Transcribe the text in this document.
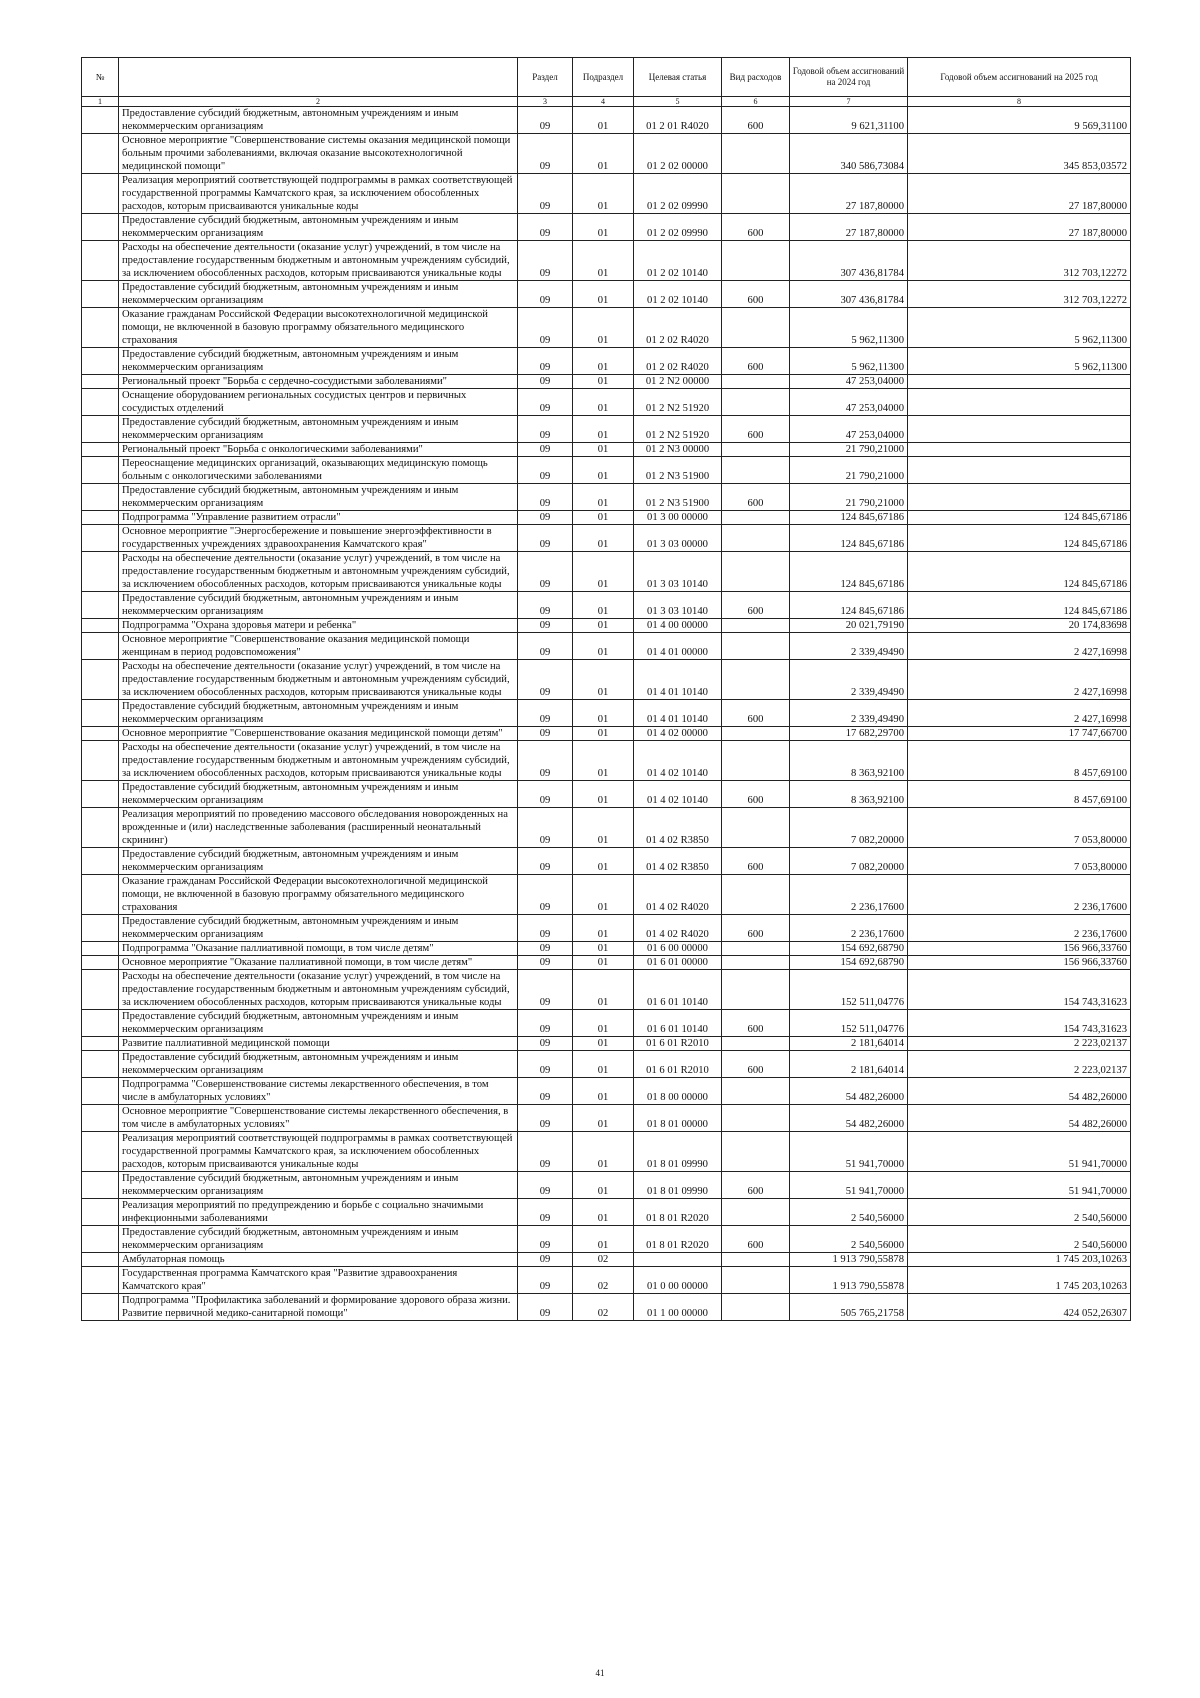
№		Раздел	Подраздел	Целевая статья	Вид расходов	Годовой объем ассигнований на 2024 год	Годовой объем ассигнований на 2025 год
1	2	3	4	5	6	7	8
	Предоставление субсидий бюджетным, автономным учреждениям и иным некоммерческим организациям	09	01	01 2 01 R4020	600	9 621,31100	9 569,31100
	Основное мероприятие "Совершенствование системы оказания медицинской помощи больным прочими заболеваниями, включая оказание высокотехнологичной медицинской помощи"	09	01	01 2 02 00000		340 586,73084	345 853,03572
	Реализация мероприятий соответствующей подпрограммы в рамках соответствующей государственной программы Камчатского края, за исключением обособленных расходов, которым присваиваются уникальные коды	09	01	01 2 02 09990		27 187,80000	27 187,80000
	Предоставление субсидий бюджетным, автономным учреждениям и иным некоммерческим организациям	09	01	01 2 02 09990	600	27 187,80000	27 187,80000
	Расходы на обеспечение деятельности (оказание услуг) учреждений, в том числе на предоставление государственным бюджетным и автономным учреждениям субсидий, за исключением обособленных расходов, которым присваиваются уникальные коды	09	01	01 2 02 10140		307 436,81784	312 703,12272
	Предоставление субсидий бюджетным, автономным учреждениям и иным некоммерческим организациям	09	01	01 2 02 10140	600	307 436,81784	312 703,12272
	Оказание гражданам Российской Федерации высокотехнологичной медицинской помощи, не включенной в базовую программу обязательного медицинского страхования	09	01	01 2 02 R4020		5 962,11300	5 962,11300
	Предоставление субсидий бюджетным, автономным учреждениям и иным некоммерческим организациям	09	01	01 2 02 R4020	600	5 962,11300	5 962,11300
	Региональный проект "Борьба с сердечно-сосудистыми заболеваниями"	09	01	01 2 N2 00000		47 253,04000	
	Оснащение оборудованием региональных сосудистых центров и первичных сосудистых отделений	09	01	01 2 N2 51920		47 253,04000	
	Предоставление субсидий бюджетным, автономным учреждениям и иным некоммерческим организациям	09	01	01 2 N2 51920	600	47 253,04000	
	Региональный проект "Борьба с онкологическими заболеваниями"	09	01	01 2 N3 00000		21 790,21000	
	Переоснащение медицинских организаций, оказывающих медицинскую помощь больным с онкологическими заболеваниями	09	01	01 2 N3 51900		21 790,21000	
	Предоставление субсидий бюджетным, автономным учреждениям и иным некоммерческим организациям	09	01	01 2 N3 51900	600	21 790,21000	
	Подпрограмма "Управление развитием отрасли"	09	01	01 3 00 00000		124 845,67186	124 845,67186
	Основное мероприятие "Энергосбережение и повышение энергоэффективности в государственных учреждениях здравоохранения Камчатского края"	09	01	01 3 03 00000		124 845,67186	124 845,67186
	Расходы на обеспечение деятельности (оказание услуг) учреждений, в том числе на предоставление государственным бюджетным и автономным учреждениям субсидий, за исключением обособленных расходов, которым присваиваются уникальные коды	09	01	01 3 03 10140		124 845,67186	124 845,67186
	Предоставление субсидий бюджетным, автономным учреждениям и иным некоммерческим организациям	09	01	01 3 03 10140	600	124 845,67186	124 845,67186
	Подпрограмма "Охрана здоровья матери и ребенка"	09	01	01 4 00 00000		20 021,79190	20 174,83698
	Основное мероприятие "Совершенствование оказания медицинской помощи женщинам в период родовспоможения"	09	01	01 4 01 00000		2 339,49490	2 427,16998
	Расходы на обеспечение деятельности (оказание услуг) учреждений, в том числе на предоставление государственным бюджетным и автономным учреждениям субсидий, за исключением обособленных расходов, которым присваиваются уникальные коды	09	01	01 4 01 10140		2 339,49490	2 427,16998
	Предоставление субсидий бюджетным, автономным учреждениям и иным некоммерческим организациям	09	01	01 4 01 10140	600	2 339,49490	2 427,16998
	Основное мероприятие "Совершенствование оказания медицинской помощи детям"	09	01	01 4 02 00000		17 682,29700	17 747,66700
	Расходы на обеспечение деятельности (оказание услуг) учреждений, в том числе на предоставление государственным бюджетным и автономным учреждениям субсидий, за исключением обособленных расходов, которым присваиваются уникальные коды	09	01	01 4 02 10140		8 363,92100	8 457,69100
	Предоставление субсидий бюджетным, автономным учреждениям и иным некоммерческим организациям	09	01	01 4 02 10140	600	8 363,92100	8 457,69100
	Реализация мероприятий по проведению массового обследования новорожденных на врожденные и (или) наследственные заболевания (расширенный неонатальный скрининг)	09	01	01 4 02 R3850		7 082,20000	7 053,80000
	Предоставление субсидий бюджетным, автономным учреждениям и иным некоммерческим организациям	09	01	01 4 02 R3850	600	7 082,20000	7 053,80000
	Оказание гражданам Российской Федерации высокотехнологичной медицинской помощи, не включенной в базовую программу обязательного медицинского страхования	09	01	01 4 02 R4020		2 236,17600	2 236,17600
	Предоставление субсидий бюджетным, автономным учреждениям и иным некоммерческим организациям	09	01	01 4 02 R4020	600	2 236,17600	2 236,17600
	Подпрограмма "Оказание паллиативной помощи, в том числе детям"	09	01	01 6 00 00000		154 692,68790	156 966,33760
	Основное мероприятие "Оказание паллиативной помощи, в том числе детям"	09	01	01 6 01 00000		154 692,68790	156 966,33760
	Расходы на обеспечение деятельности (оказание услуг) учреждений, в том числе на предоставление государственным бюджетным и автономным учреждениям субсидий, за исключением обособленных расходов, которым присваиваются уникальные коды	09	01	01 6 01 10140		152 511,04776	154 743,31623
	Предоставление субсидий бюджетным, автономным учреждениям и иным некоммерческим организациям	09	01	01 6 01 10140	600	152 511,04776	154 743,31623
	Развитие паллиативной медицинской помощи	09	01	01 6 01 R2010		2 181,64014	2 223,02137
	Предоставление субсидий бюджетным, автономным учреждениям и иным некоммерческим организациям	09	01	01 6 01 R2010	600	2 181,64014	2 223,02137
	Подпрограмма "Совершенствование системы лекарственного обеспечения, в том числе в амбулаторных условиях"	09	01	01 8 00 00000		54 482,26000	54 482,26000
	Основное мероприятие "Совершенствование системы лекарственного обеспечения, в том числе в амбулаторных условиях"	09	01	01 8 01 00000		54 482,26000	54 482,26000
	Реализация мероприятий соответствующей подпрограммы в рамках соответствующей государственной программы Камчатского края, за исключением обособленных расходов, которым присваиваются уникальные коды	09	01	01 8 01 09990		51 941,70000	51 941,70000
	Предоставление субсидий бюджетным, автономным учреждениям и иным некоммерческим организациям	09	01	01 8 01 09990	600	51 941,70000	51 941,70000
	Реализация мероприятий по предупреждению и борьбе с социально значимыми инфекционными заболеваниями	09	01	01 8 01 R2020		2 540,56000	2 540,56000
	Предоставление субсидий бюджетным, автономным учреждениям и иным некоммерческим организациям	09	01	01 8 01 R2020	600	2 540,56000	2 540,56000
	Амбулаторная помощь	09	02			1 913 790,55878	1 745 203,10263
	Государственная программа Камчатского края "Развитие здравоохранения Камчатского края"	09	02	01 0 00 00000		1 913 790,55878	1 745 203,10263
	Подпрограмма "Профилактика заболеваний и формирование здорового образа жизни. Развитие первичной медико-санитарной помощи"	09	02	01 1 00 00000		505 765,21758	424 052,26307
41
